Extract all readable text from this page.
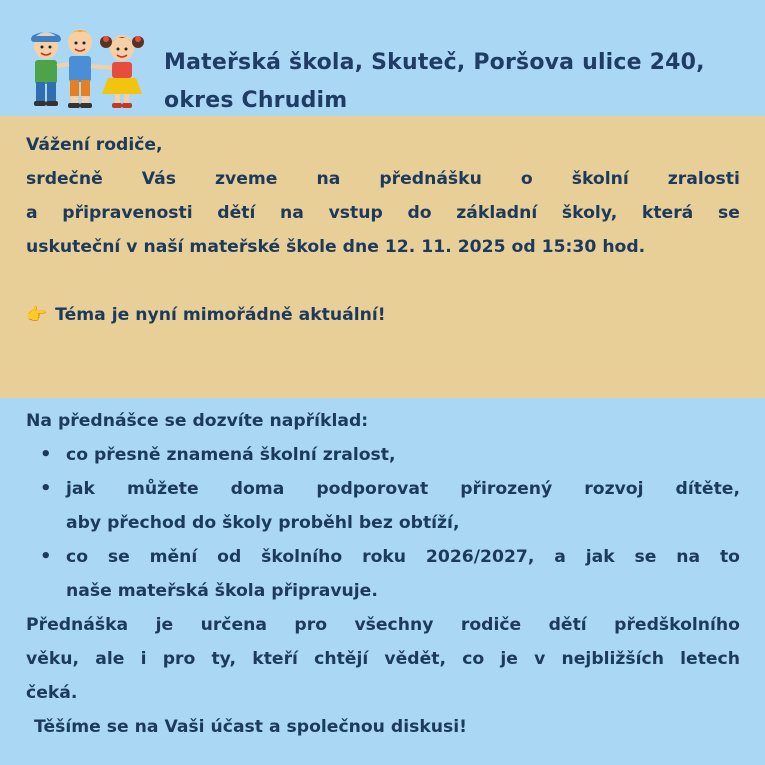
Mateřská škola, Skuteč, Poršova ulice 240,
okres Chrudim
Vážení rodiče,
srdečně Vás zveme na přednášku o školní zralosti
a připravenosti dětí na vstup do základní školy, která se
uskuteční v naší mateřské škole dne 12. 11. 2025 od 15:30 hod.
👉 Téma je nyní mimořádně aktuální!
Na přednášce se dozvíte například:
• co přesně znamená školní zralost,
• jak můžete doma podporovat přirozený rozvoj dítěte,
aby přechod do školy proběhl bez obtíží,
• co se mění od školního roku 2026/2027, a jak se na to
naše mateřská škola připravuje.
Přednáška je určena pro všechny rodiče dětí předškolního
věku, ale i pro ty, kteří chtějí vědět, co je v nejbližších letech
čeká.
Těšíme se na Vaši účast a společnou diskusi!
